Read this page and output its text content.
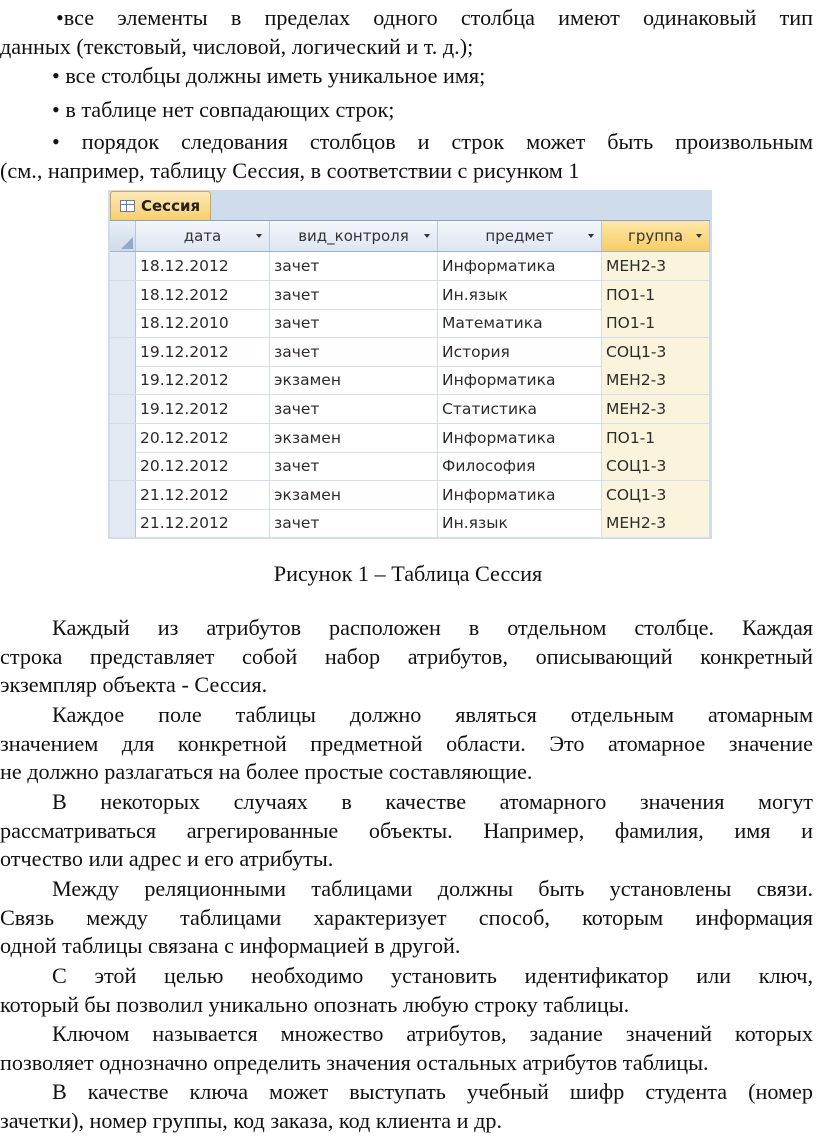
•все элементы в пределах одного столбца имеют одинаковый тип
данных (текстовый, числовой, логический и т. д.);
• все столбцы должны иметь уникальное имя;
• в таблице нет совпадающих строк;
• порядок следования столбцов и строк может быть произвольным
(см., например, таблицу Сессия, в соответствии с рисунком 1
Сессия
дата	вид_контроля	предмет	группа
18.12.2012	зачет	Информатика	МЕН2-3
18.12.2012	зачет	Ин.язык	ПО1-1
18.12.2010	зачет	Математика	ПО1-1
19.12.2012	зачет	История	СОЦ1-3
19.12.2012	экзамен	Информатика	МЕН2-3
19.12.2012	зачет	Статистика	МЕН2-3
20.12.2012	экзамен	Информатика	ПО1-1
20.12.2012	зачет	Философия	СОЦ1-3
21.12.2012	экзамен	Информатика	СОЦ1-3
21.12.2012	зачет	Ин.язык	МЕН2-3
Рисунок 1 – Таблица Сессия
Каждый из атрибутов расположен в отдельном столбце. Каждая
строка представляет собой набор атрибутов, описывающий конкретный
экземпляр объекта - Сессия.
Каждое поле таблицы должно являться отдельным атомарным
значением для конкретной предметной области. Это атомарное значение
не должно разлагаться на более простые составляющие.
В некоторых случаях в качестве атомарного значения могут
рассматриваться агрегированные объекты. Например, фамилия, имя и
отчество или адрес и его атрибуты.
Между реляционными таблицами должны быть установлены связи.
Связь между таблицами характеризует способ, которым информация
одной таблицы связана с информацией в другой.
С этой целью необходимо установить идентификатор или ключ,
который бы позволил уникально опознать любую строку таблицы.
Ключом называется множество атрибутов, задание значений которых
позволяет однозначно определить значения остальных атрибутов таблицы.
В качестве ключа может выступать учебный шифр студента (номер
зачетки), номер группы, код заказа, код клиента и др.
